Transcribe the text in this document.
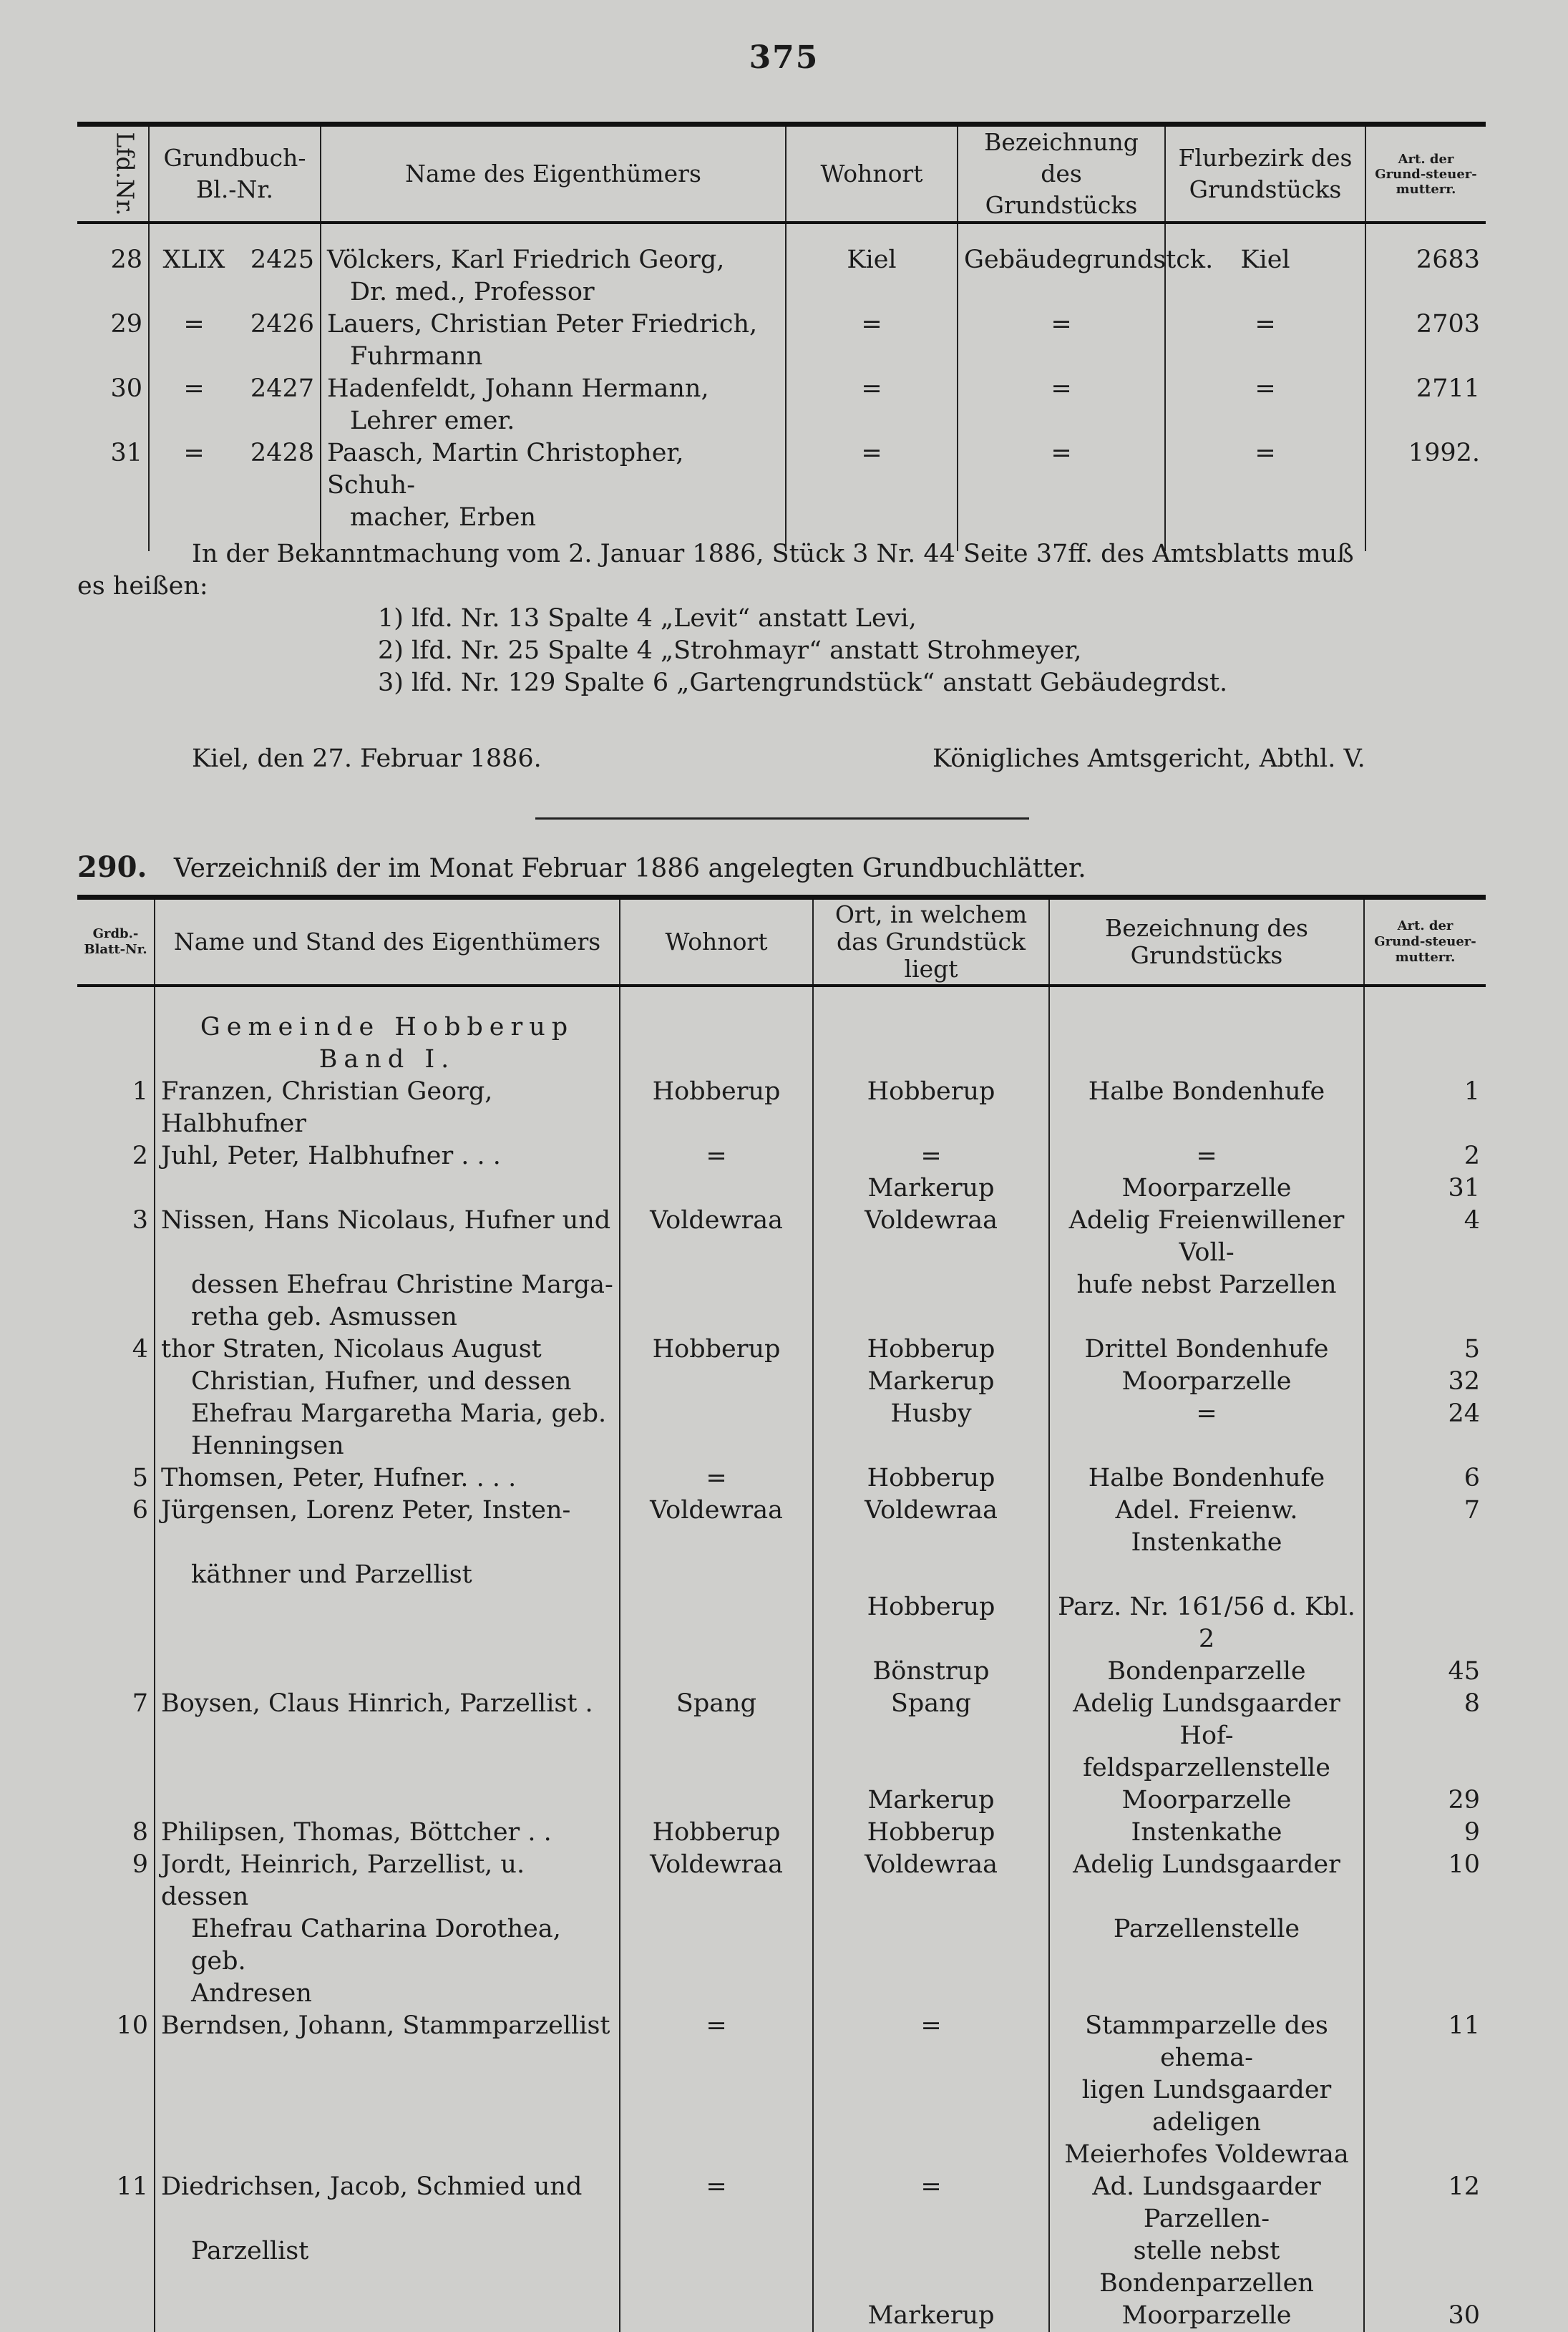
375
Lfd.Nr.	Grundbuch-Bl.-Nr.		Name des Eigenthümers	Wohnort	Bezeichnung des Grundstücks	Flurbezirk des Grundstücks	Art. der Grund-steuer-mutterr.
28	XLIX	2425	Völckers, Karl Friedrich Georg,	Kiel	Gebäudegrundstck.	Kiel	2683
			Dr. med., Professor				
29	=	2426	Lauers, Christian Peter Friedrich,	=	=	=	2703
			Fuhrmann				
30	=	2427	Hadenfeldt, Johann Hermann,	=	=	=	2711
			Lehrer emer.				
31	=	2428	Paasch, Martin Christopher, Schuh-	=	=	=	1992.
			macher, Erben				
In der Bekanntmachung vom 2. Januar 1886, Stück 3 Nr. 44 Seite 37ff. des Amtsblatts muß
es heißen:
1) lfd. Nr. 13 Spalte 4 „Levit“ anstatt Levi,
2) lfd. Nr. 25 Spalte 4 „Strohmayr“ anstatt Strohmeyer,
3) lfd. Nr. 129 Spalte 6 „Gartengrundstück“ anstatt Gebäudegrdst.
Kiel, den 27. Februar 1886.	Königliches Amtsgericht, Abthl. V.
290. Verzeichniß der im Monat Februar 1886 angelegten Grundbuchlätter.
Grdb.-Blatt-Nr.	Name und Stand des Eigenthümers	Wohnort	Ort, in welchem das Grundstück liegt	Bezeichnung des Grundstücks	Art. der Grund-steuer-mutterr.
	Gemeinde Hobberup				
	Band I.				
1	Franzen, Christian Georg, Halbhufner	Hobberup	Hobberup	Halbe Bondenhufe	1
2	Juhl, Peter, Halbhufner . . .	=	=	=	2
			Markerup	Moorparzelle	31
3	Nissen, Hans Nicolaus, Hufner und	Voldewraa	Voldewraa	Adelig Freienwillener Voll-	4
	dessen Ehefrau Christine Marga-			hufe nebst Parzellen	
	retha geb. Asmussen				
4	thor Straten, Nicolaus August	Hobberup	Hobberup	Drittel Bondenhufe	5
	Christian, Hufner, und dessen		Markerup	Moorparzelle	32
	Ehefrau Margaretha Maria, geb.		Husby	=	24
	Henningsen				
5	Thomsen, Peter, Hufner. . . .	=	Hobberup	Halbe Bondenhufe	6
6	Jürgensen, Lorenz Peter, Insten-	Voldewraa	Voldewraa	Adel. Freienw. Instenkathe	7
	käthner und Parzellist				
			Hobberup	Parz. Nr. 161/56 d. Kbl. 2	
			Bönstrup	Bondenparzelle	45
7	Boysen, Claus Hinrich, Parzellist .	Spang	Spang	Adelig Lundsgaarder Hof-	8
				feldsparzellenstelle	
			Markerup	Moorparzelle	29
8	Philipsen, Thomas, Böttcher . .	Hobberup	Hobberup	Instenkathe	9
9	Jordt, Heinrich, Parzellist, u. dessen	Voldewraa	Voldewraa	Adelig Lundsgaarder	10
	Ehefrau Catharina Dorothea, geb.			Parzellenstelle	
	Andresen				
10	Berndsen, Johann, Stammparzellist	=	=	Stammparzelle des ehema-	11
				ligen Lundsgaarder adeligen	
				Meierhofes Voldewraa	
11	Diedrichsen, Jacob, Schmied und	=	=	Ad. Lundsgaarder Parzellen-	12
	Parzellist			stelle nebst Bondenparzellen	
			Markerup	Moorparzelle	30
